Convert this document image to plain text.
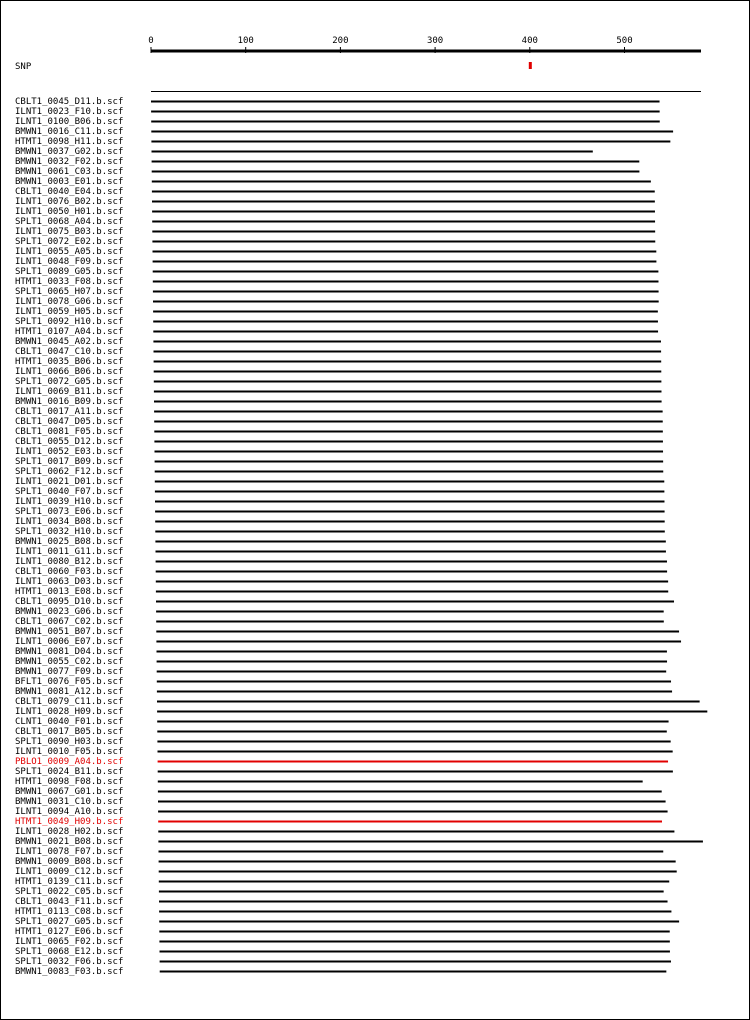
0	100	200	300	400	500
SNP
CBLT1_0045_D11.b.scf
ILNT1_0023_F10.b.scf
ILNT1_0100_B06.b.scf
BMWN1_0016_C11.b.scf
HTMT1_0098_H11.b.scf
BMWN1_0037_G02.b.scf
BMWN1_0032_F02.b.scf
BMWN1_0061_C03.b.scf
BMWN1_0003_E01.b.scf
CBLT1_0040_E04.b.scf
ILNT1_0076_B02.b.scf
ILNT1_0050_H01.b.scf
SPLT1_0068_A04.b.scf
ILNT1_0075_B03.b.scf
SPLT1_0072_E02.b.scf
ILNT1_0055_A05.b.scf
ILNT1_0048_F09.b.scf
SPLT1_0089_G05.b.scf
HTMT1_0033_F08.b.scf
SPLT1_0065_H07.b.scf
ILNT1_0078_G06.b.scf
ILNT1_0059_H05.b.scf
SPLT1_0092_H10.b.scf
HTMT1_0107_A04.b.scf
BMWN1_0045_A02.b.scf
CBLT1_0047_C10.b.scf
HTMT1_0035_B06.b.scf
ILNT1_0066_B06.b.scf
SPLT1_0072_G05.b.scf
ILNT1_0069_B11.b.scf
BMWN1_0016_B09.b.scf
CBLT1_0017_A11.b.scf
CBLT1_0047_D05.b.scf
CBLT1_0081_F05.b.scf
CBLT1_0055_D12.b.scf
ILNT1_0052_E03.b.scf
SPLT1_0017_B09.b.scf
SPLT1_0062_F12.b.scf
ILNT1_0021_D01.b.scf
SPLT1_0040_F07.b.scf
ILNT1_0039_H10.b.scf
SPLT1_0073_E06.b.scf
ILNT1_0034_B08.b.scf
SPLT1_0032_H10.b.scf
BMWN1_0025_B08.b.scf
ILNT1_0011_G11.b.scf
ILNT1_0080_B12.b.scf
CBLT1_0060_F03.b.scf
ILNT1_0063_D03.b.scf
HTMT1_0013_E08.b.scf
CBLT1_0095_D10.b.scf
BMWN1_0023_G06.b.scf
CBLT1_0067_C02.b.scf
BMWN1_0051_B07.b.scf
ILNT1_0006_E07.b.scf
BMWN1_0081_D04.b.scf
BMWN1_0055_C02.b.scf
BMWN1_0077_F09.b.scf
BFLT1_0076_F05.b.scf
BMWN1_0081_A12.b.scf
CBLT1_0079_C11.b.scf
ILNT1_0028_H09.b.scf
CLNT1_0040_F01.b.scf
CBLT1_0017_B05.b.scf
SPLT1_0090_H03.b.scf
ILNT1_0010_F05.b.scf
PBLO1_0009_A04.b.scf
SPLT1_0024_B11.b.scf
HTMT1_0098_F08.b.scf
BMWN1_0067_G01.b.scf
BMWN1_0031_C10.b.scf
ILNT1_0094_A10.b.scf
HTMT1_0049_H09.b.scf
ILNT1_0028_H02.b.scf
BMWN1_0021_B08.b.scf
ILNT1_0078_F07.b.scf
BMWN1_0009_B08.b.scf
ILNT1_0009_C12.b.scf
HTMT1_0139_C11.b.scf
SPLT1_0022_C05.b.scf
CBLT1_0043_F11.b.scf
HTMT1_0113_C08.b.scf
SPLT1_0027_G05.b.scf
HTMT1_0127_E06.b.scf
ILNT1_0065_F02.b.scf
SPLT1_0068_E12.b.scf
SPLT1_0032_F06.b.scf
BMWN1_0083_F03.b.scf
